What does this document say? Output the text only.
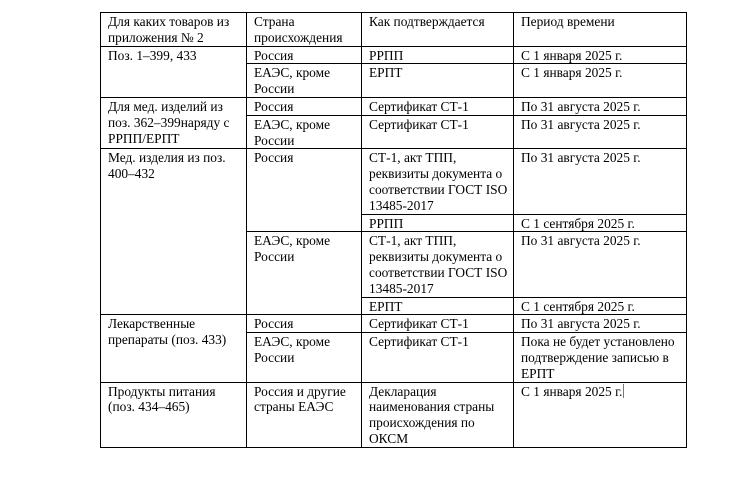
Для каких товаров из приложения № 2	Страна происхождения	Как подтверждается	Период времени
Поз. 1–399, 433	Россия	РРПП	С 1 января 2025 г.
	ЕАЭС, кроме России	ЕРПТ	С 1 января 2025 г.
Для мед. изделий из поз. 362–399наряду с РРПП/ЕРПТ	Россия	Сертификат СТ-1	По 31 августа 2025 г.
	ЕАЭС, кроме России	Сертификат СТ-1	По 31 августа 2025 г.
Мед. изделия из поз. 400–432	Россия	СТ-1, акт ТПП, реквизиты документа о соответствии ГОСТ ISO 13485-2017	По 31 августа 2025 г.
		РРПП	С 1 сентября 2025 г.
	ЕАЭС, кроме России	СТ-1, акт ТПП, реквизиты документа о соответствии ГОСТ ISO 13485-2017	По 31 августа 2025 г.
		ЕРПТ	С 1 сентября 2025 г.
Лекарственные препараты (поз. 433)	Россия	Сертификат СТ-1	По 31 августа 2025 г.
	ЕАЭС, кроме России	Сертификат СТ-1	Пока не будет установлено подтверждение записью в ЕРПТ
Продукты питания (поз. 434–465)	Россия и другие страны ЕАЭС	Декларация наименования страны происхождения по ОКСМ	С 1 января 2025 г.
